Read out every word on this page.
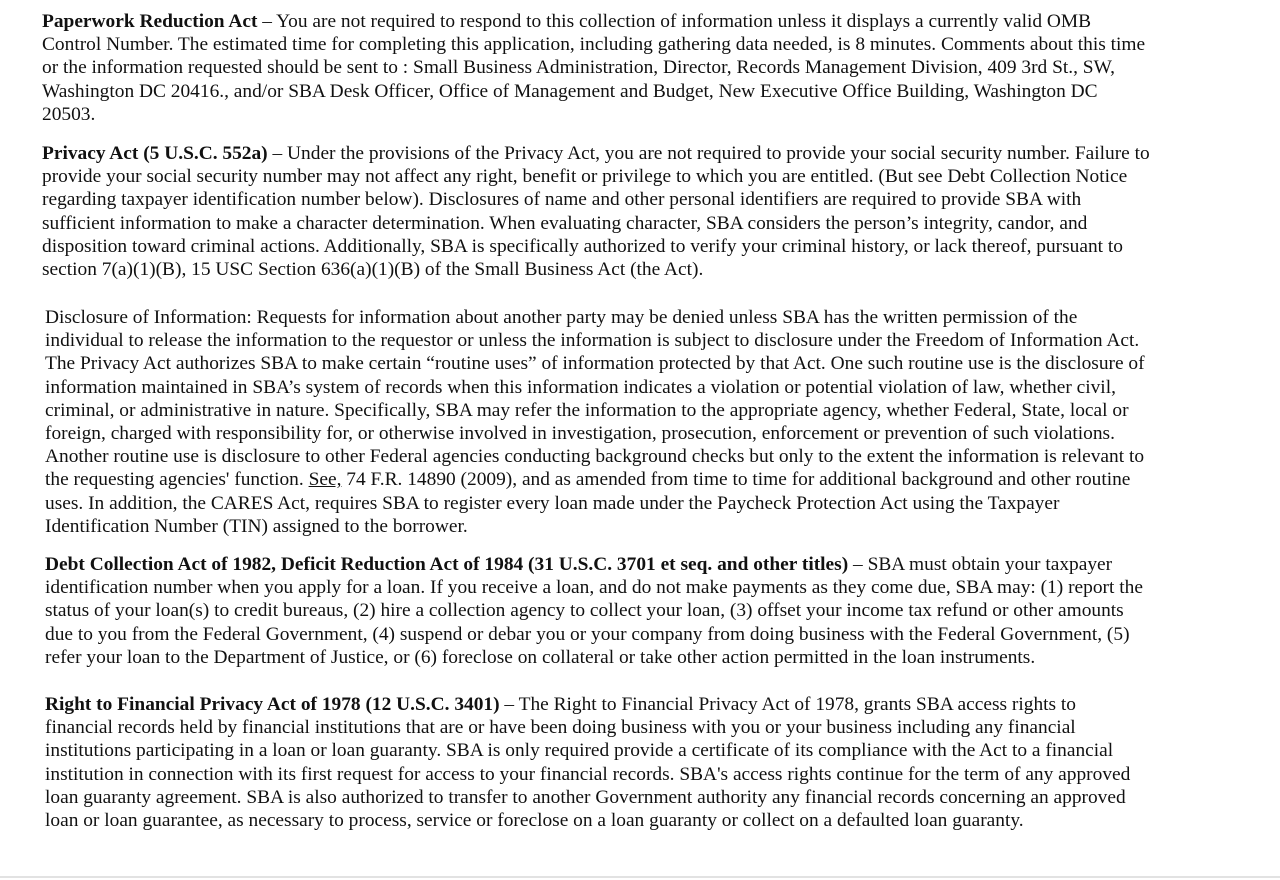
Paperwork Reduction Act – You are not required to respond to this collection of information unless it displays a currently valid OMB
Control Number. The estimated time for completing this application, including gathering data needed, is 8 minutes. Comments about this time
or the information requested should be sent to : Small Business Administration, Director, Records Management Division, 409 3rd St., SW,
Washington DC 20416., and/or SBA Desk Officer, Office of Management and Budget, New Executive Office Building, Washington DC
20503.
Privacy Act (5 U.S.C. 552a) – Under the provisions of the Privacy Act, you are not required to provide your social security number. Failure to
provide your social security number may not affect any right, benefit or privilege to which you are entitled. (But see Debt Collection Notice
regarding taxpayer identification number below). Disclosures of name and other personal identifiers are required to provide SBA with
sufficient information to make a character determination. When evaluating character, SBA considers the person’s integrity, candor, and
disposition toward criminal actions. Additionally, SBA is specifically authorized to verify your criminal history, or lack thereof, pursuant to
section 7(a)(1)(B), 15 USC Section 636(a)(1)(B) of the Small Business Act (the Act).
Disclosure of Information: Requests for information about another party may be denied unless SBA has the written permission of the
individual to release the information to the requestor or unless the information is subject to disclosure under the Freedom of Information Act.
The Privacy Act authorizes SBA to make certain “routine uses” of information protected by that Act. One such routine use is the disclosure of
information maintained in SBA’s system of records when this information indicates a violation or potential violation of law, whether civil,
criminal, or administrative in nature. Specifically, SBA may refer the information to the appropriate agency, whether Federal, State, local or
foreign, charged with responsibility for, or otherwise involved in investigation, prosecution, enforcement or prevention of such violations.
Another routine use is disclosure to other Federal agencies conducting background checks but only to the extent the information is relevant to
the requesting agencies' function. See, 74 F.R. 14890 (2009), and as amended from time to time for additional background and other routine
uses. In addition, the CARES Act, requires SBA to register every loan made under the Paycheck Protection Act using the Taxpayer
Identification Number (TIN) assigned to the borrower.
Debt Collection Act of 1982, Deficit Reduction Act of 1984 (31 U.S.C. 3701 et seq. and other titles) – SBA must obtain your taxpayer
identification number when you apply for a loan. If you receive a loan, and do not make payments as they come due, SBA may: (1) report the
status of your loan(s) to credit bureaus, (2) hire a collection agency to collect your loan, (3) offset your income tax refund or other amounts
due to you from the Federal Government, (4) suspend or debar you or your company from doing business with the Federal Government, (5)
refer your loan to the Department of Justice, or (6) foreclose on collateral or take other action permitted in the loan instruments.
Right to Financial Privacy Act of 1978 (12 U.S.C. 3401) – The Right to Financial Privacy Act of 1978, grants SBA access rights to
financial records held by financial institutions that are or have been doing business with you or your business including any financial
institutions participating in a loan or loan guaranty. SBA is only required provide a certificate of its compliance with the Act to a financial
institution in connection with its first request for access to your financial records. SBA's access rights continue for the term of any approved
loan guaranty agreement. SBA is also authorized to transfer to another Government authority any financial records concerning an approved
loan or loan guarantee, as necessary to process, service or foreclose on a loan guaranty or collect on a defaulted loan guaranty.
